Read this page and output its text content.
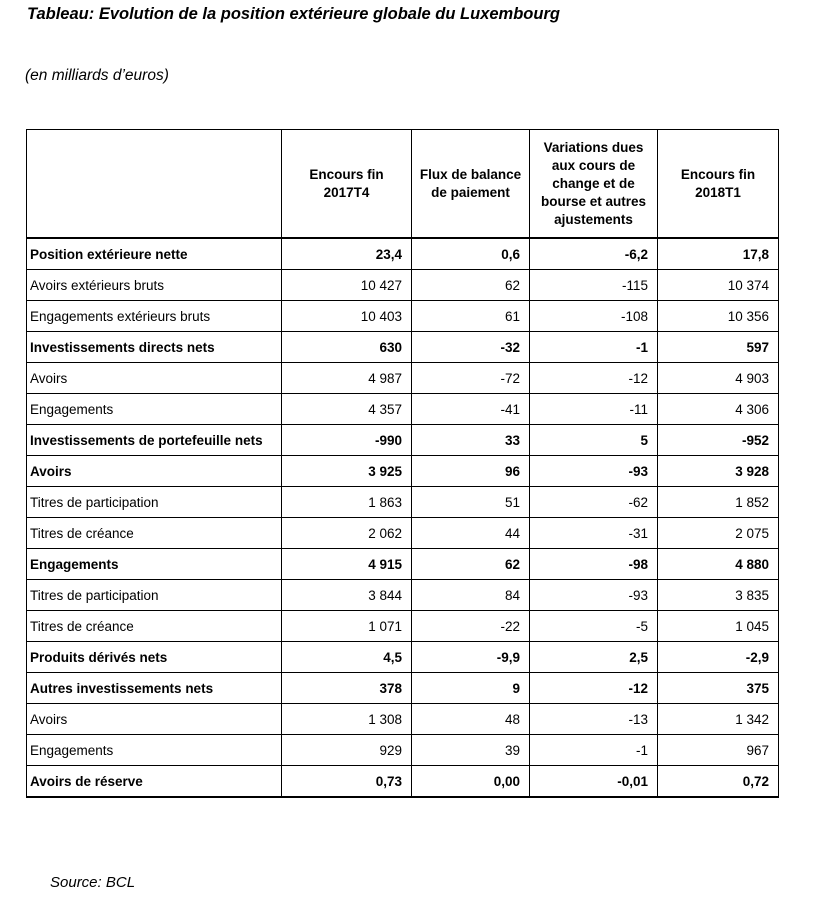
Tableau: Evolution de la position extérieure globale du Luxembourg
(en milliards d’euros)
	Encours fin 2017T4	Flux de balance de paiement	Variations dues aux cours de change et de bourse et autres ajustements	Encours fin 2018T1
Position extérieure nette	23,4	0,6	-6,2	17,8
Avoirs extérieurs bruts	10 427	62	-115	10 374
Engagements extérieurs bruts	10 403	61	-108	10 356
Investissements directs nets	630	-32	-1	597
Avoirs	4 987	-72	-12	4 903
Engagements	4 357	-41	-11	4 306
Investissements de portefeuille nets	-990	33	5	-952
Avoirs	3 925	96	-93	3 928
Titres de participation	1 863	51	-62	1 852
Titres de créance	2 062	44	-31	2 075
Engagements	4 915	62	-98	4 880
Titres de participation	3 844	84	-93	3 835
Titres de créance	1 071	-22	-5	1 045
Produits dérivés nets	4,5	-9,9	2,5	-2,9
Autres investissements nets	378	9	-12	375
Avoirs	1 308	48	-13	1 342
Engagements	929	39	-1	967
Avoirs de réserve	0,73	0,00	-0,01	0,72
Source: BCL
